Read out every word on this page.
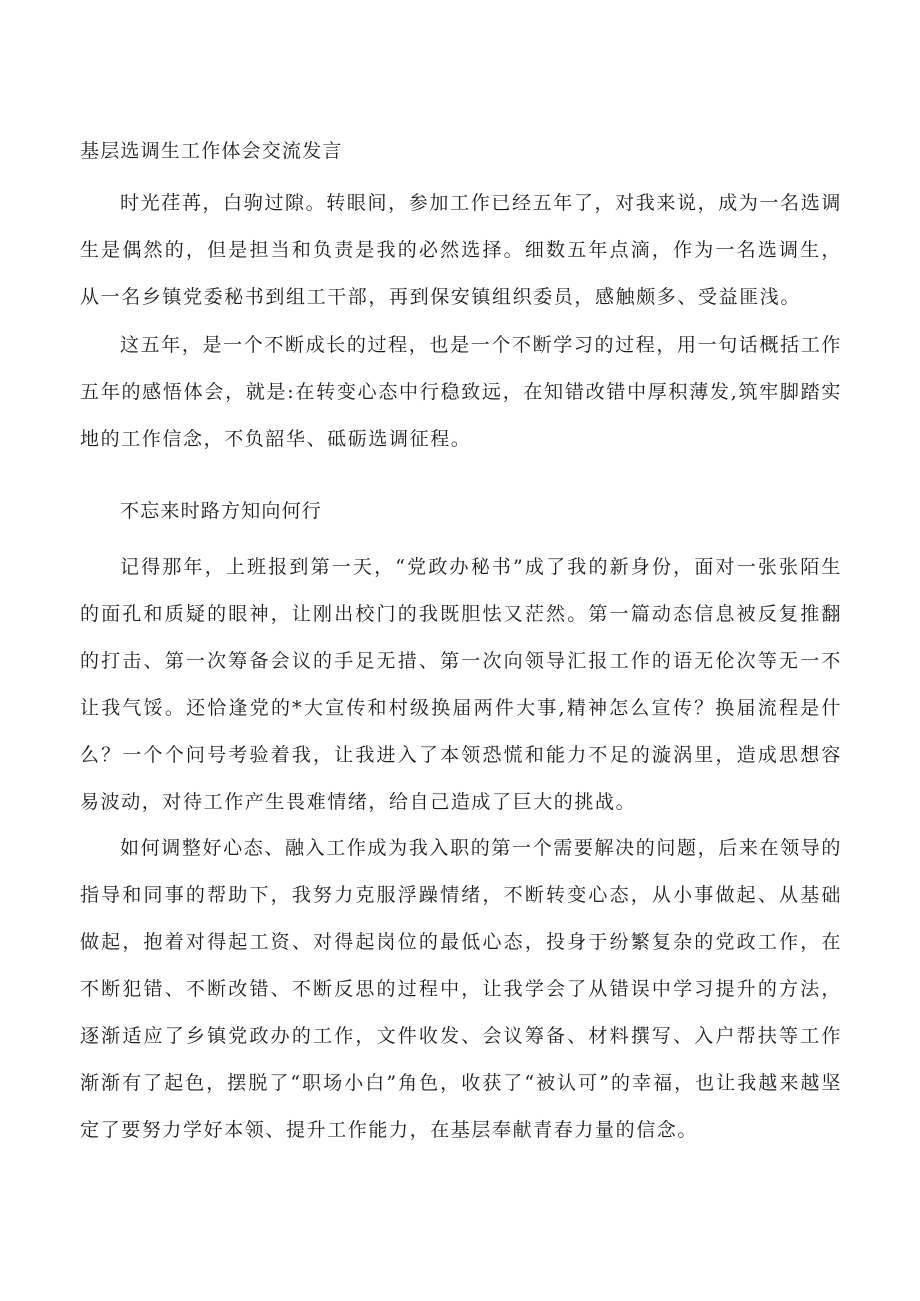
基层选调生工作体会交流发言

时光荏苒，白驹过隙。转眼间，参加工作已经五年了，对我来说，成为一名选调生是偶然的，但是担当和负责是我的必然选择。细数五年点滴，作为一名选调生，从一名乡镇党委秘书到组工干部，再到保安镇组织委员，感触颇多、受益匪浅。

这五年，是一个不断成长的过程，也是一个不断学习的过程，用一句话概括工作五年的感悟体会，就是:在转变心态中行稳致远，在知错改错中厚积薄发,筑牢脚踏实地的工作信念，不负韶华、砥砺选调征程。

不忘来时路方知向何行

记得那年，上班报到第一天，“党政办秘书”成了我的新身份，面对一张张陌生的面孔和质疑的眼神，让刚出校门的我既胆怯又茫然。第一篇动态信息被反复推翻的打击、第一次筹备会议的手足无措、第一次向领导汇报工作的语无伦次等无一不让我气馁。还恰逢党的*大宣传和村级换届两件大事,精神怎么宣传？换届流程是什么？一个个问号考验着我，让我进入了本领恐慌和能力不足的漩涡里，造成思想容易波动，对待工作产生畏难情绪，给自己造成了巨大的挑战。

如何调整好心态、融入工作成为我入职的第一个需要解决的问题，后来在领导的指导和同事的帮助下，我努力克服浮躁情绪，不断转变心态，从小事做起、从基础做起，抱着对得起工资、对得起岗位的最低心态，投身于纷繁复杂的党政工作，在不断犯错、不断改错、不断反思的过程中，让我学会了从错误中学习提升的方法，逐渐适应了乡镇党政办的工作，文件收发、会议筹备、材料撰写、入户帮扶等工作渐渐有了起色，摆脱了“职场小白”角色，收获了“被认可”的幸福，也让我越来越坚定了要努力学好本领、提升工作能力，在基层奉献青春力量的信念。
